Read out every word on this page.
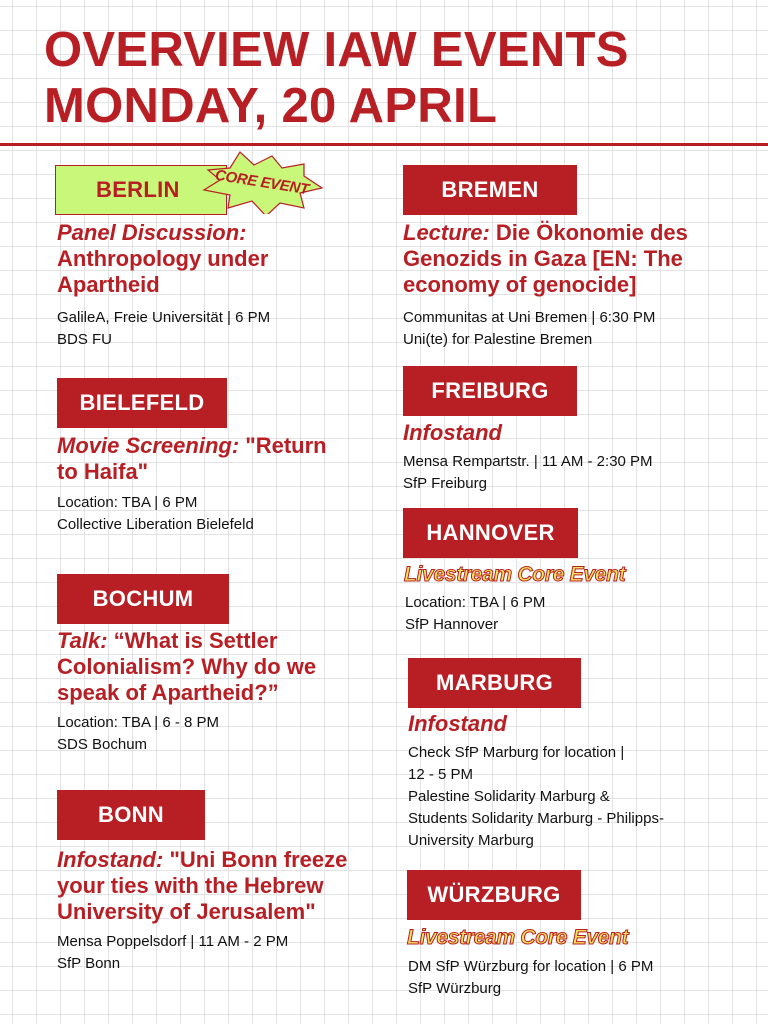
OVERVIEW IAW EVENTS
MONDAY, 20 APRIL
BERLIN	CORE EVENT

Panel Discussion:
Anthropology under
Apartheid

GalileA, Freie Universität | 6 PM
BDS FU

BIELEFELD

Movie Screening: "Return
to Haifa"

Location: TBA | 6 PM
Collective Liberation Bielefeld

BOCHUM

Talk: “What is Settler
Colonialism? Why do we
speak of Apartheid?”

Location: TBA | 6 - 8 PM
SDS Bochum

BONN

Infostand: "Uni Bonn freeze
your ties with the Hebrew
University of Jerusalem"

Mensa Poppelsdorf | 11 AM - 2 PM
SfP Bonn

BREMEN

Lecture: Die Ökonomie des
Genozids in Gaza [EN: The
economy of genocide]

Communitas at Uni Bremen | 6:30 PM
Uni(te) for Palestine Bremen

FREIBURG

Infostand

Mensa Rempartstr. | 11 AM - 2:30 PM
SfP Freiburg

HANNOVER

Livestream Core Event

Location: TBA | 6 PM
SfP Hannover

MARBURG

Infostand

Check SfP Marburg for location |
12 - 5 PM
Palestine Solidarity Marburg &
Students Solidarity Marburg - Philipps-
University Marburg

WÜRZBURG

Livestream Core Event

DM SfP Würzburg for location | 6 PM
SfP Würzburg
